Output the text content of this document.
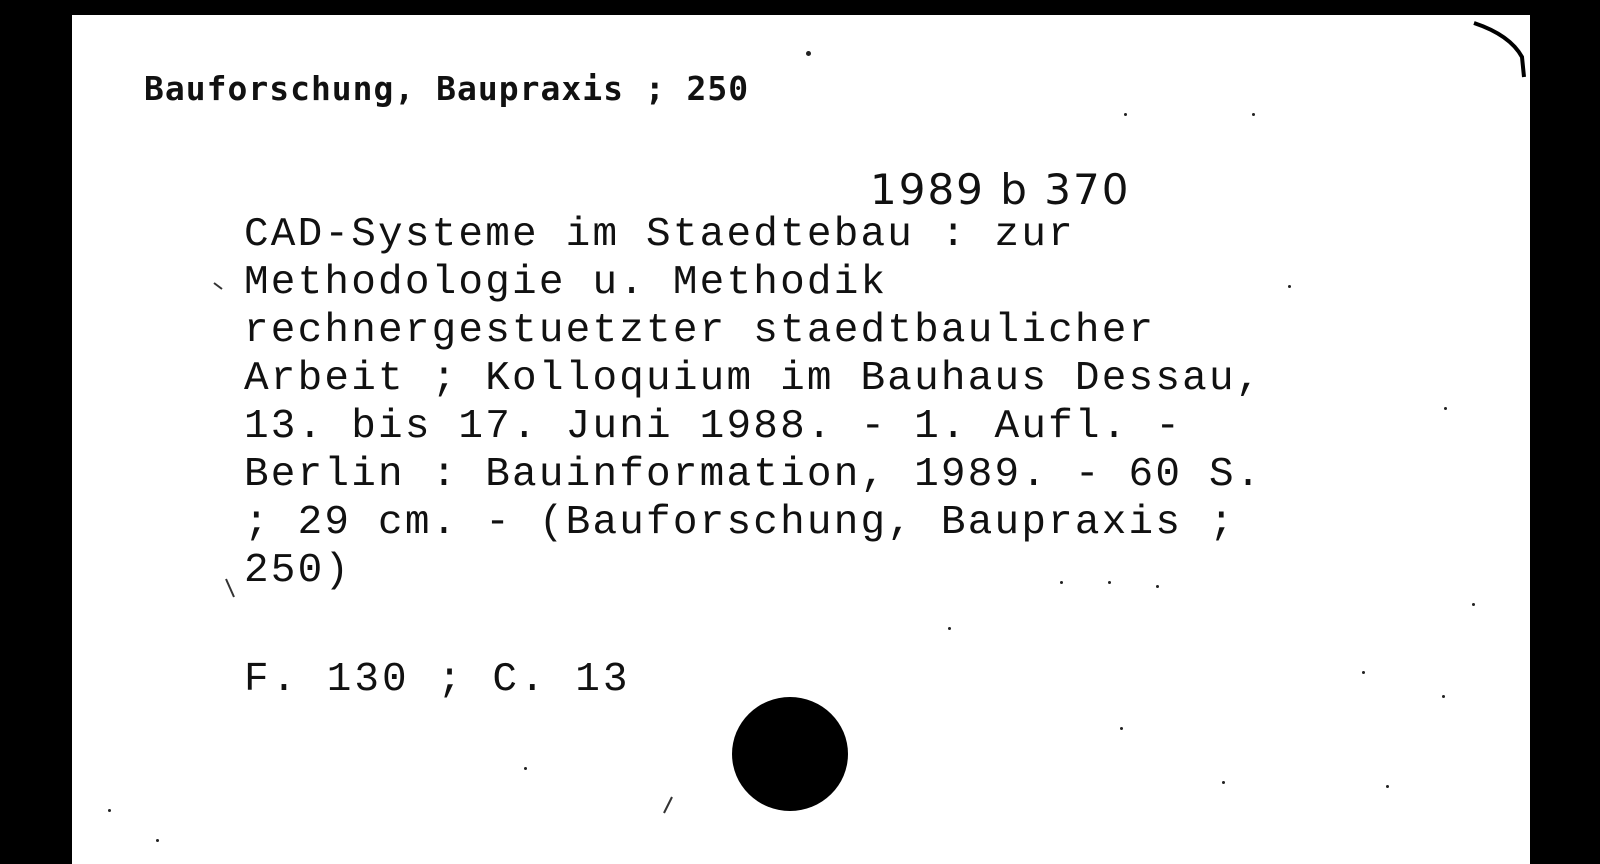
Bauforschung, Baupraxis ; 250
1989 b 370
CAD-Systeme im Staedtebau : zur
Methodologie u. Methodik
rechnergestuetzter staedtbaulicher
Arbeit ; Kolloquium im Bauhaus Dessau,
13. bis 17. Juni 1988. - 1. Aufl. -
Berlin : Bauinformation, 1989. - 60 S.
; 29 cm. - (Bauforschung, Baupraxis ;
250)
F. 130 ; C. 13
